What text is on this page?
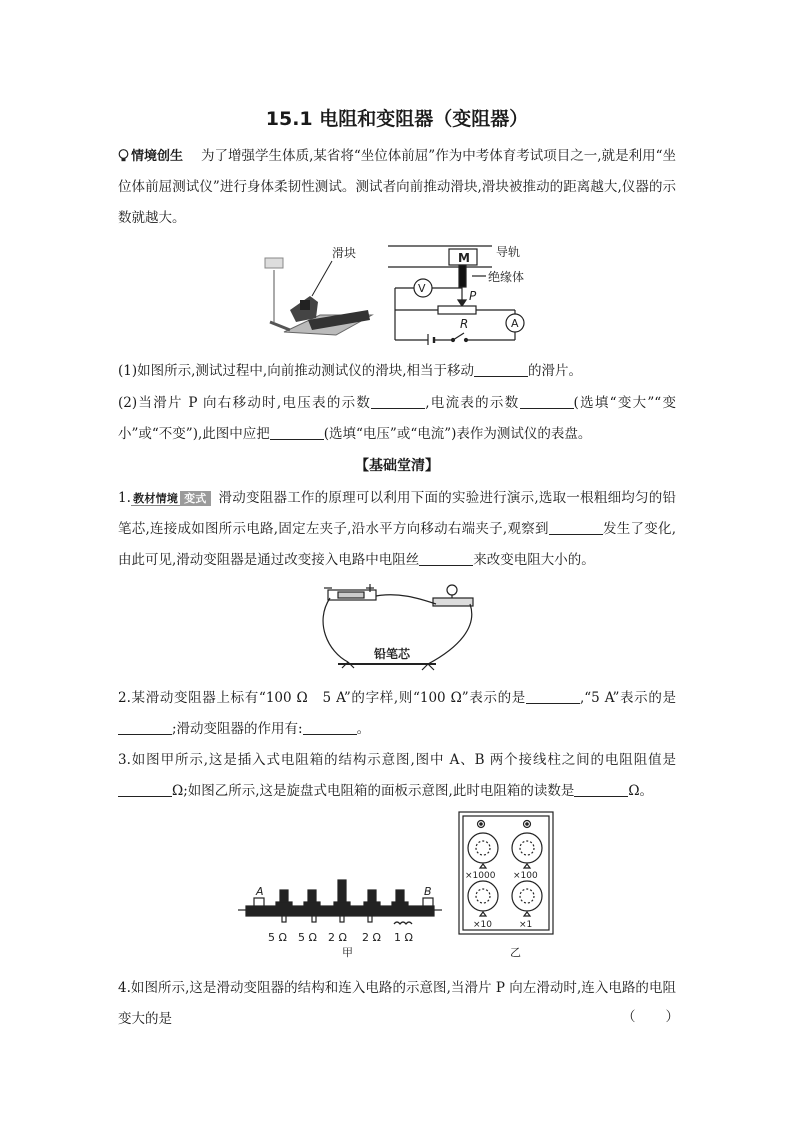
15.1 电阻和变阻器（变阻器）
情境创生 为了增强学生体质,某省将“坐位体前屈”作为中考体育考试项目之一,就是利用“坐位体前屈测试仪”进行身体柔韧性测试。测试者向前推动滑块,滑块被推动的距离越大,仪器的示数就越大。
滑块	M 导轨
绝缘体
V
A
P
R
(1)如图所示,测试过程中,向前推动测试仪的滑块,相当于移动	的滑片。
(2)当滑片 P 向右移动时,电压表的示数	,电流表的示数	(选填“变大”“变小”或“不变”),此图中应把	(选填“电压”或“电流”)表作为测试仪的表盘。
【基础堂清】
1. 教材情境 变式 滑动变阻器工作的原理可以利用下面的实验进行演示,选取一根粗细均匀的铅笔芯,连接成如图所示电路,固定左夹子,沿水平方向移动右端夹子,观察到	发生了变化,由此可见,滑动变阻器是通过改变接入电路中电阻丝	来改变电阻大小的。
铅笔芯
2.某滑动变阻器上标有“100 Ω　5 A”的字样,则“100 Ω”表示的是	,“5 A”表示的是;滑动变阻器的作用有:	。
3.如图甲所示,这是插入式电阻箱的结构示意图,图中 A、B 两个接线柱之间的电阻阻值是Ω;如图乙所示,这是旋盘式电阻箱的面板示意图,此时电阻箱的读数是	Ω。
A	B
5 Ω 5 Ω 2 Ω 2 Ω 1 Ω
甲
×1000 ×100
×10	×1
乙
4.如图所示,这是滑动变阻器的结构和连入电路的示意图,当滑片 P 向左滑动时,连入电路的电阻变大的是	（　　）
